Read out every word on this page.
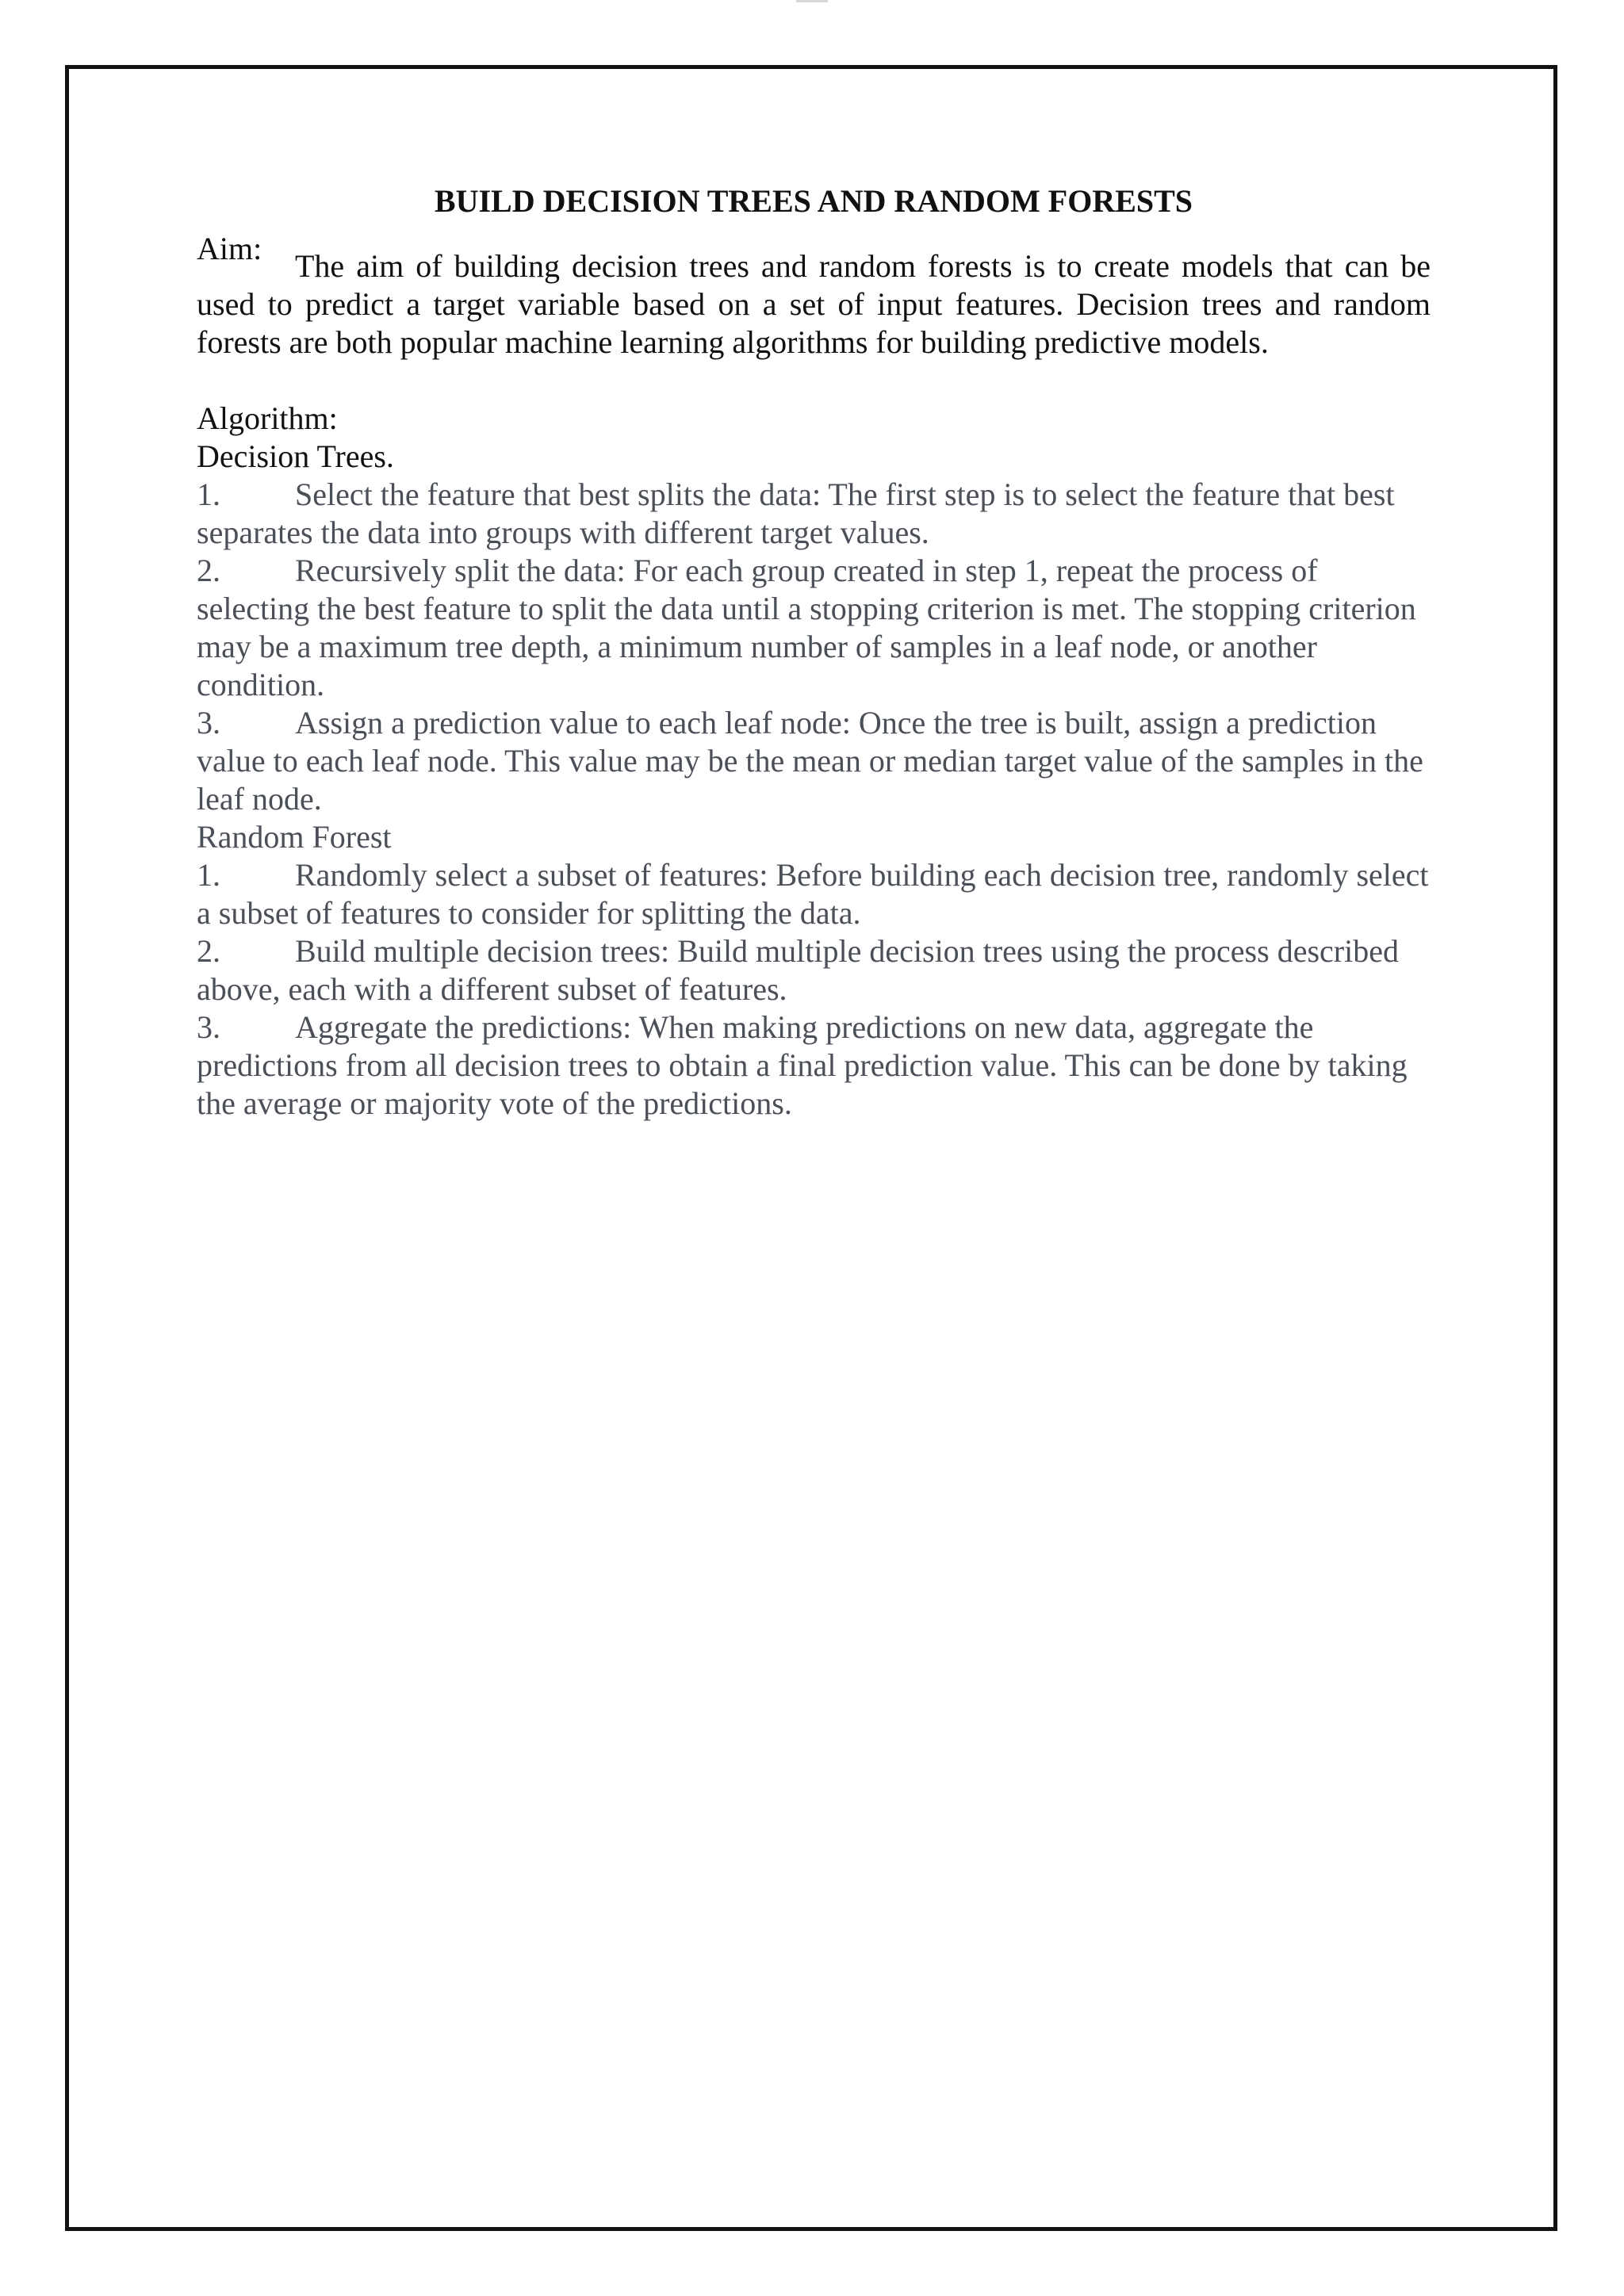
BUILD DECISION TREES AND RANDOM FORESTS
Aim:	The aim of building decision trees and random forests is to create models that can be used to predict a target variable based on a set of input features. Decision trees and random forests are both popular machine learning algorithms for building predictive models.

Algorithm:
Decision Trees.
1. Select the feature that best splits the data: The first step is to select the feature that best separates the data into groups with different target values.
2. Recursively split the data: For each group created in step 1, repeat the process of selecting the best feature to split the data until a stopping criterion is met. The stopping criterion may be a maximum tree depth, a minimum number of samples in a leaf node, or another condition.
3. Assign a prediction value to each leaf node: Once the tree is built, assign a prediction value to each leaf node. This value may be the mean or median target value of the samples in the leaf node.
Random Forest
1. Randomly select a subset of features: Before building each decision tree, randomly select a subset of features to consider for splitting the data.
2. Build multiple decision trees: Build multiple decision trees using the process described above, each with a different subset of features.
3. Aggregate the predictions: When making predictions on new data, aggregate the predictions from all decision trees to obtain a final prediction value. This can be done by taking the average or majority vote of the predictions.
